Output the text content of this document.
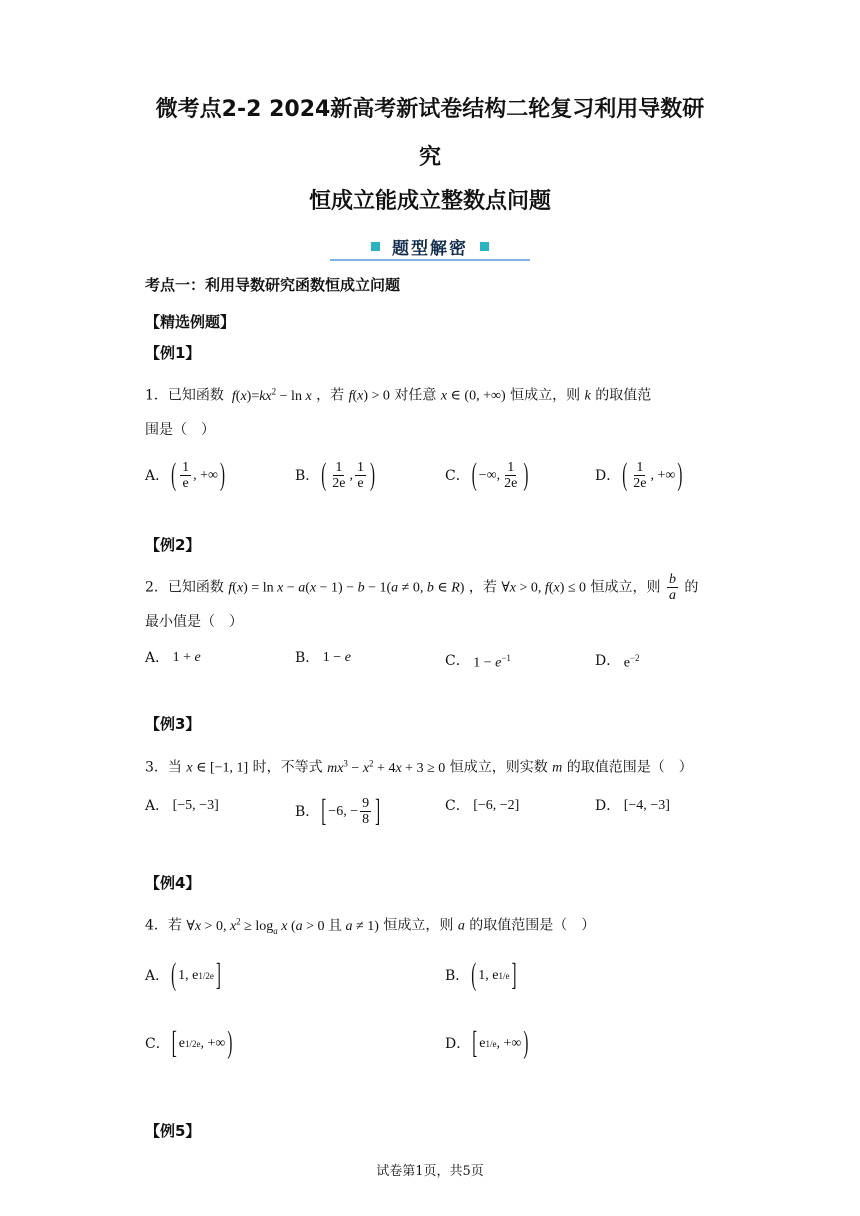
微考点2-2 2024新高考新试卷结构二轮复习利用导数研
究
恒成立能成立整数点问题
题型解密
考点一：利用导数研究函数恒成立问题
【精选例题】
【例1】
1．已知函数 $f(x)=kx^2 - \ln x$ ，若 f(x) > 0 对任意 x ∈ (0, +∞) 恒成立，则 k 的取值范
围是（　）
A． ( $\frac{1}{e}$ , +∞ )	B． ( $\frac{1}{2e}$ , $\frac{1}{e}$ )	C． ( −∞, $\frac{1}{2e}$ )	D． ( $\frac{1}{2e}$ , +∞ )
【例2】
2．已知函数 f(x) = ln x − a(x − 1) − b − 1(a ≠ 0, b ∈ R) ，若 ∀x > 0, f(x) ≤ 0 恒成立，则 $\frac{b}{a}$ 的
最小值是（　）
A． 1 + e	B． 1 − e	C． $1 - e^{-1}$	D． $e^{-2}$
【例3】
3．当 x ∈ [−1, 1] 时，不等式 $mx^3 - x^2 + 4x + 3 \ge 0$ 恒成立，则实数 m 的取值范围是（　）
A． [−5, −3]	B． [ −6, − $\frac{9}{8}$ ]	C． [−6, −2]	D． [−4, −3]
【例4】
4．若 ∀x > 0, $x^2 \ge \log_a x$ (a > 0 且 a ≠ 1) 恒成立，则 a 的取值范围是（　）
A． ( 1, e 1/2e ]	B． ( 1, e 1/e ]
C． [ e 1/2e , +∞ )	D． [ e 1/e , +∞ )
【例5】
试卷第1页，共5页
